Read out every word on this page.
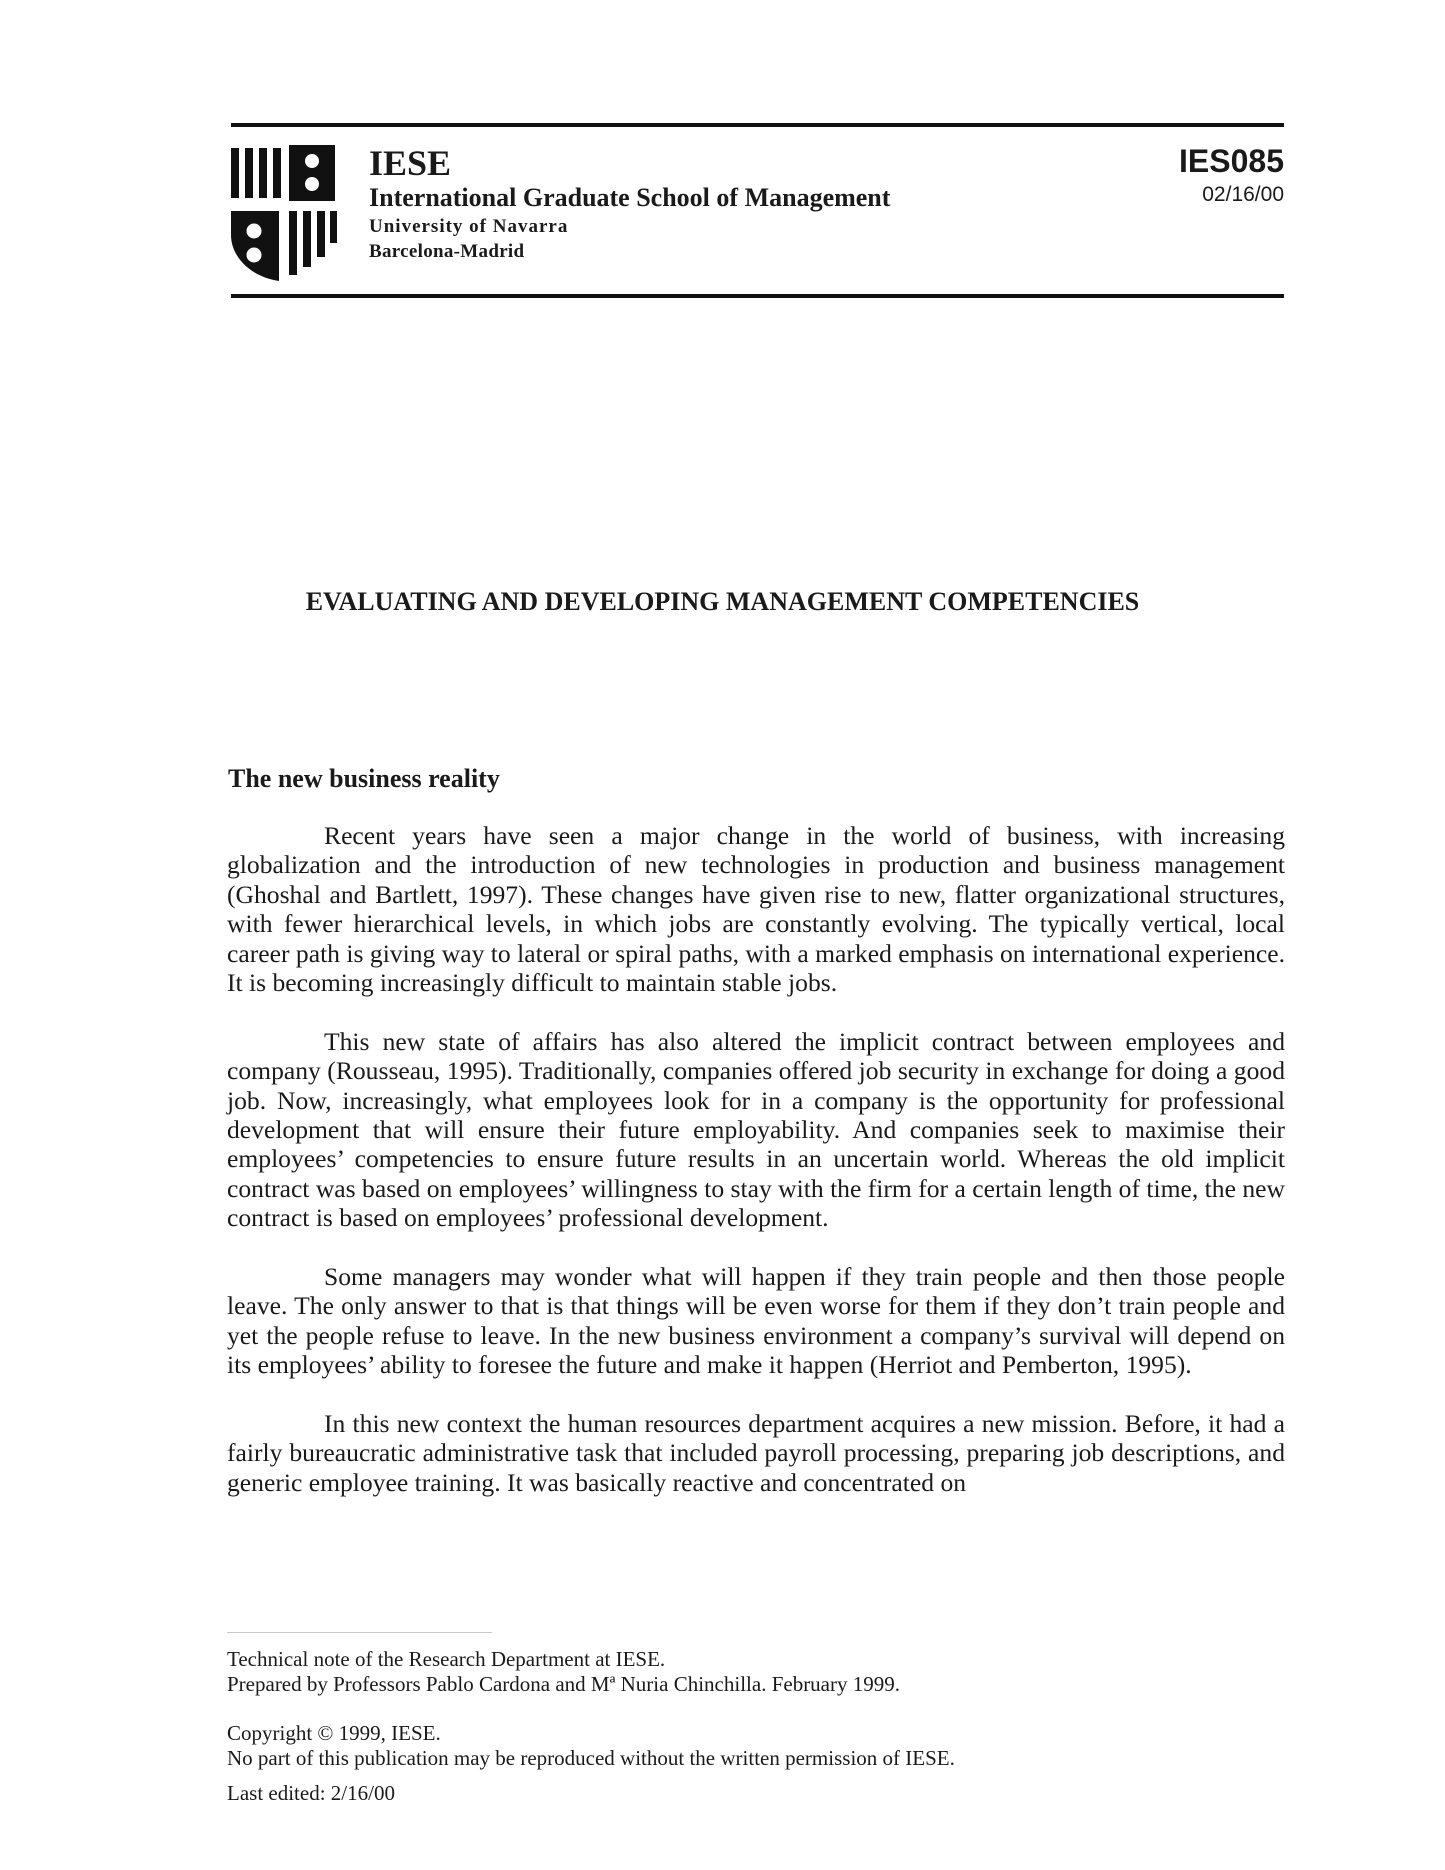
IESE
International Graduate School of Management
University of Navarra
Barcelona-Madrid
IES085
02/16/00
EVALUATING AND DEVELOPING MANAGEMENT COMPETENCIES
The new business reality

Recent years have seen a major change in the world of business, with increasing globalization and the introduction of new technologies in production and business management (Ghoshal and Bartlett, 1997). These changes have given rise to new, flatter organizational structures, with fewer hierarchical levels, in which jobs are constantly evolving. The typically vertical, local career path is giving way to lateral or spiral paths, with a marked emphasis on international experience. It is becoming increasingly difficult to maintain stable jobs.

This new state of affairs has also altered the implicit contract between employees and company (Rousseau, 1995). Traditionally, companies offered job security in exchange for doing a good job. Now, increasingly, what employees look for in a company is the opportunity for professional development that will ensure their future employability. And companies seek to maximise their employees’ competencies to ensure future results in an uncertain world. Whereas the old implicit contract was based on employees’ willingness to stay with the firm for a certain length of time, the new contract is based on employees’ professional development.

Some managers may wonder what will happen if they train people and then those people leave. The only answer to that is that things will be even worse for them if they don’t train people and yet the people refuse to leave. In the new business environment a company’s survival will depend on its employees’ ability to foresee the future and make it happen (Herriot and Pemberton, 1995).

In this new context the human resources department acquires a new mission. Before, it had a fairly bureaucratic administrative task that included payroll processing, preparing job descriptions, and generic employee training. It was basically reactive and concentrated on

Technical note of the Research Department at IESE.
Prepared by Professors Pablo Cardona and Mª Nuria Chinchilla. February 1999.
Copyright © 1999, IESE.
No part of this publication may be reproduced without the written permission of IESE.
Last edited: 2/16/00
